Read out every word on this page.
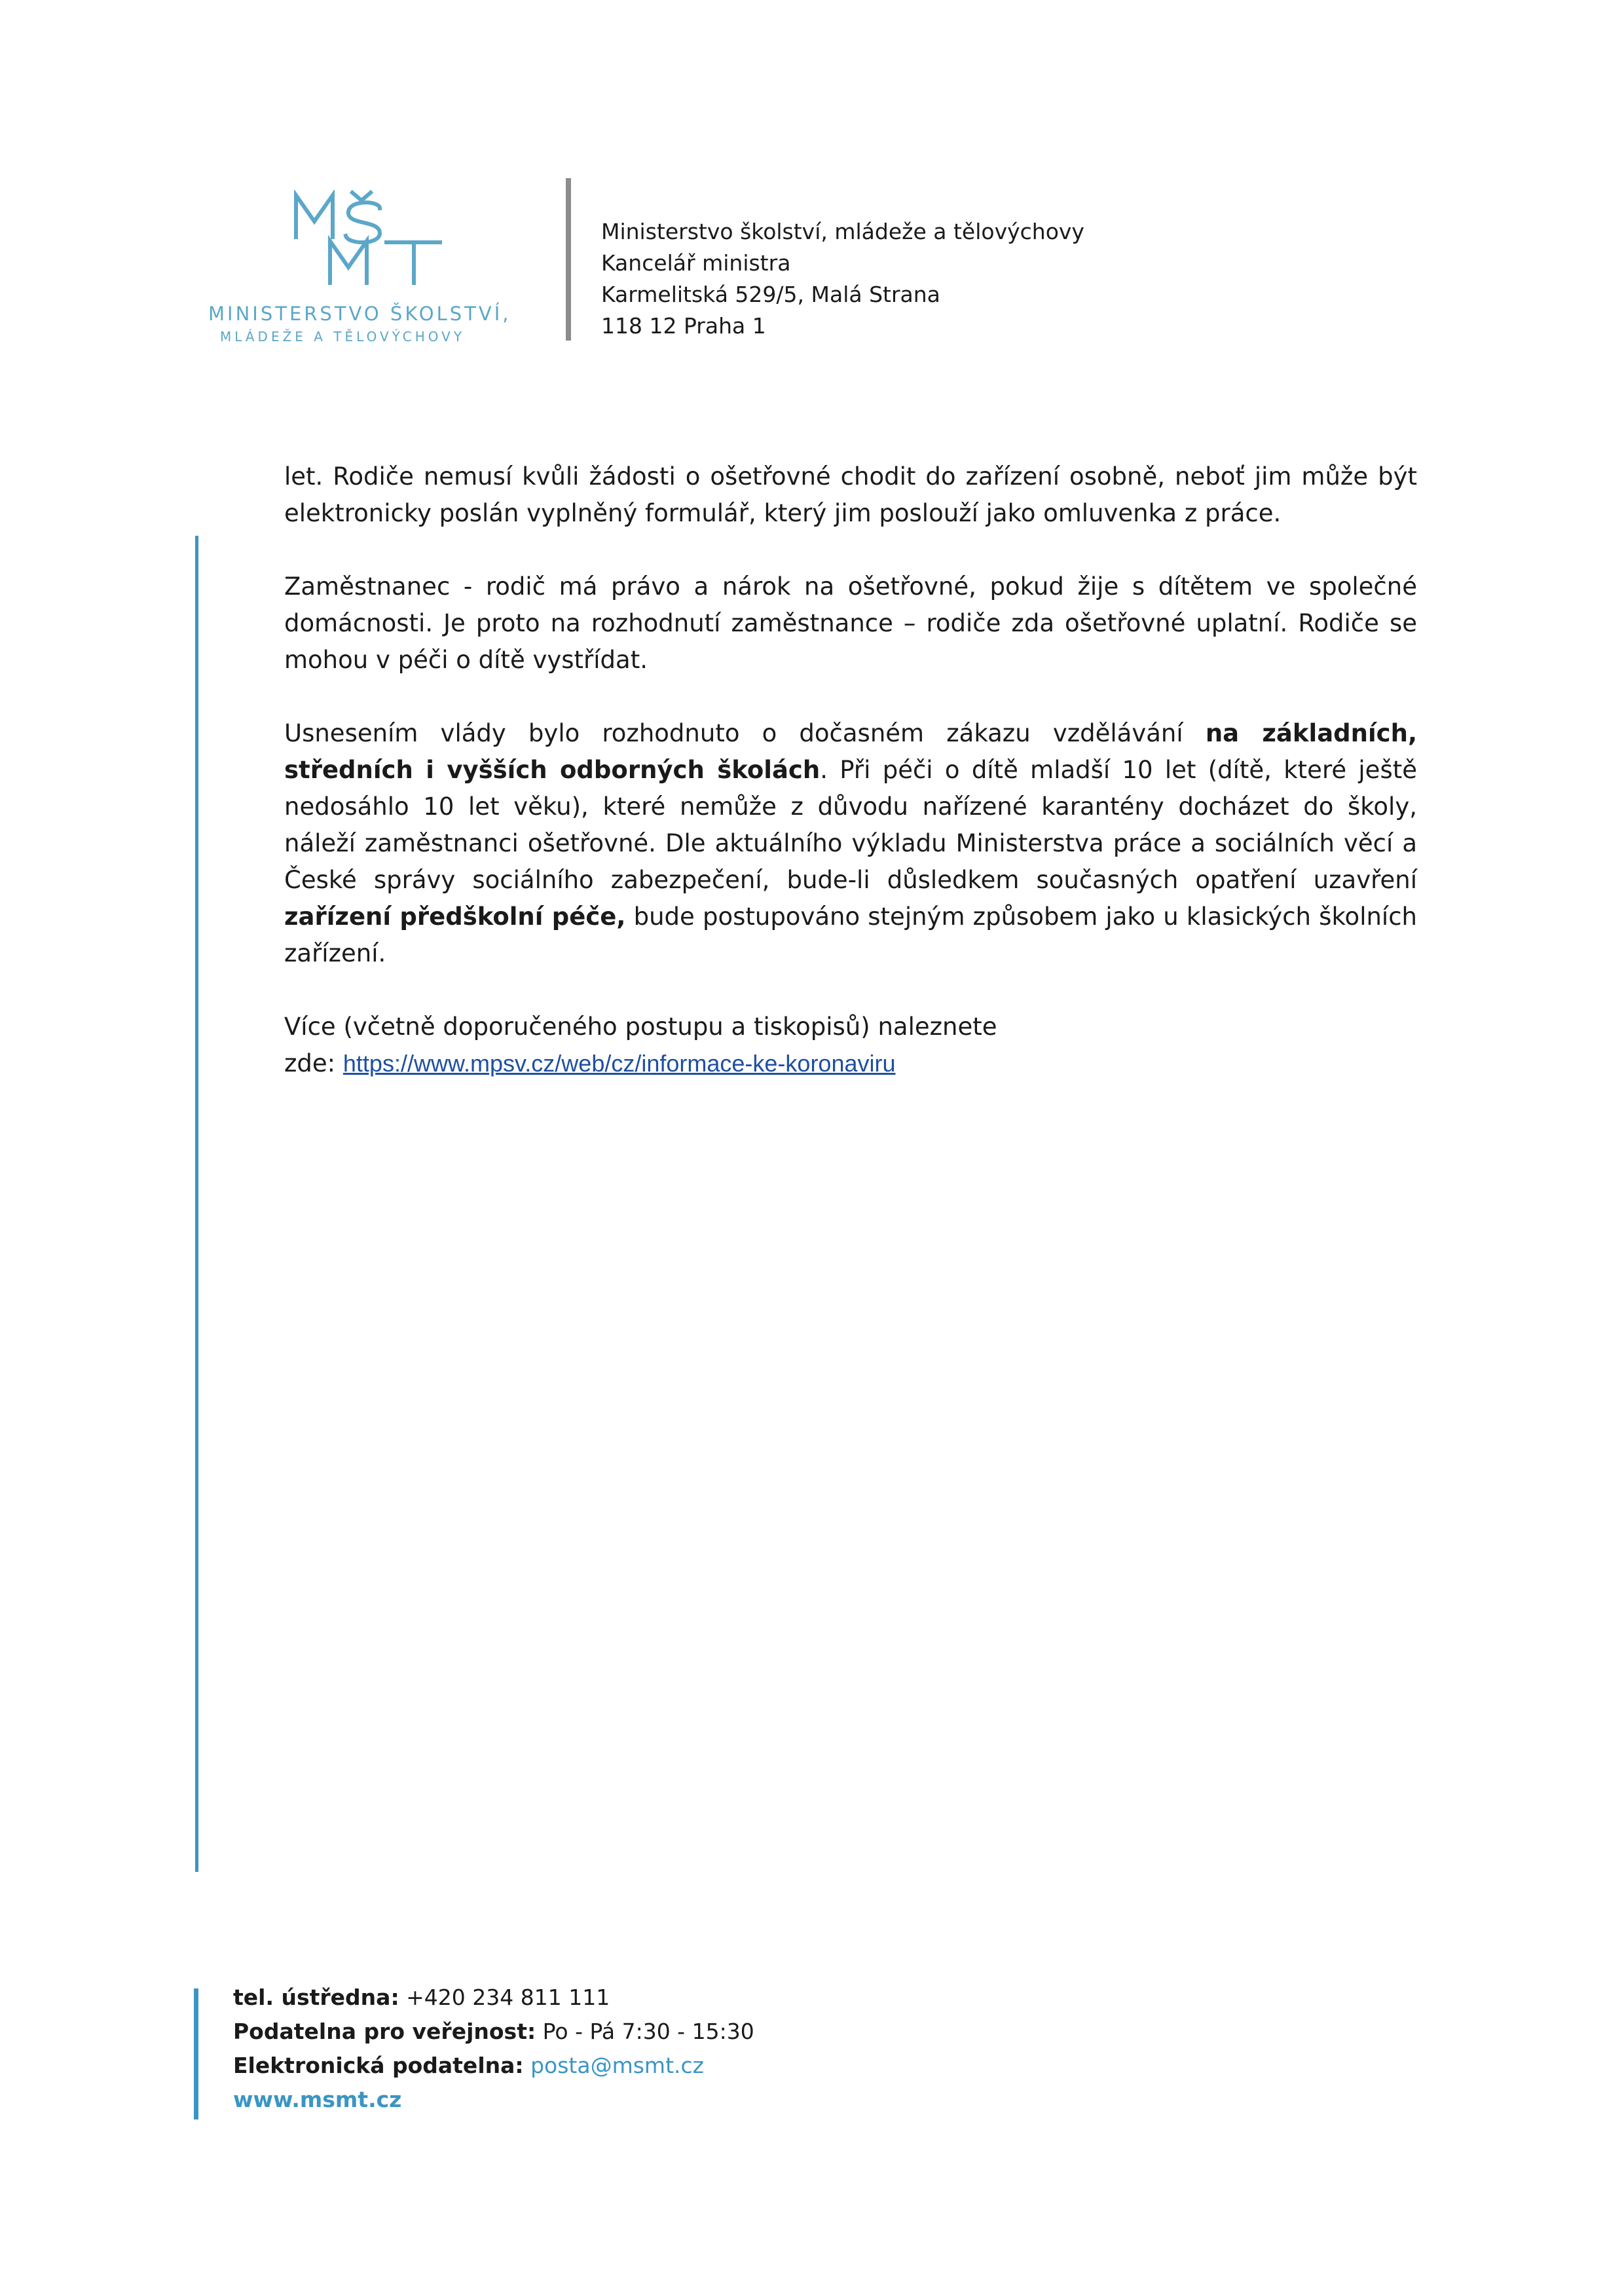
MINISTERSTVO ŠKOLSTVÍ,
MLÁDEŽE A TĚLOVÝCHOVY
Ministerstvo školství, mládeže a tělovýchovy
Kancelář ministra
Karmelitská 529/5, Malá Strana
118 12 Praha 1

let. Rodiče nemusí kvůli žádosti o ošetřovné chodit do zařízení osobně, neboť jim může být elektronicky poslán vyplněný formulář, který jim poslouží jako omluvenka z práce.

Zaměstnanec - rodič má právo a nárok na ošetřovné, pokud žije s dítětem ve společné domácnosti. Je proto na rozhodnutí zaměstnance – rodiče zda ošetřovné uplatní. Rodiče se mohou v péči o dítě vystřídat.

Usnesením vlády bylo rozhodnuto o dočasném zákazu vzdělávání na základních, středních i vyšších odborných školách. Při péči o dítě mladší 10 let (dítě, které ještě nedosáhlo 10 let věku), které nemůže z důvodu nařízené karantény docházet do školy, náleží zaměstnanci ošetřovné. Dle aktuálního výkladu Ministerstva práce a sociálních věcí a České správy sociálního zabezpečení, bude-li důsledkem současných opatření uzavření zařízení předškolní péče, bude postupováno stejným způsobem jako u klasických školních zařízení.

Více (včetně doporučeného postupu a tiskopisů) naleznete
zde: https://www.mpsv.cz/web/cz/informace-ke-koronaviru

tel. ústředna: +420 234 811 111
Podatelna pro veřejnost: Po - Pá 7:30 - 15:30
Elektronická podatelna: posta@msmt.cz
www.msmt.cz
